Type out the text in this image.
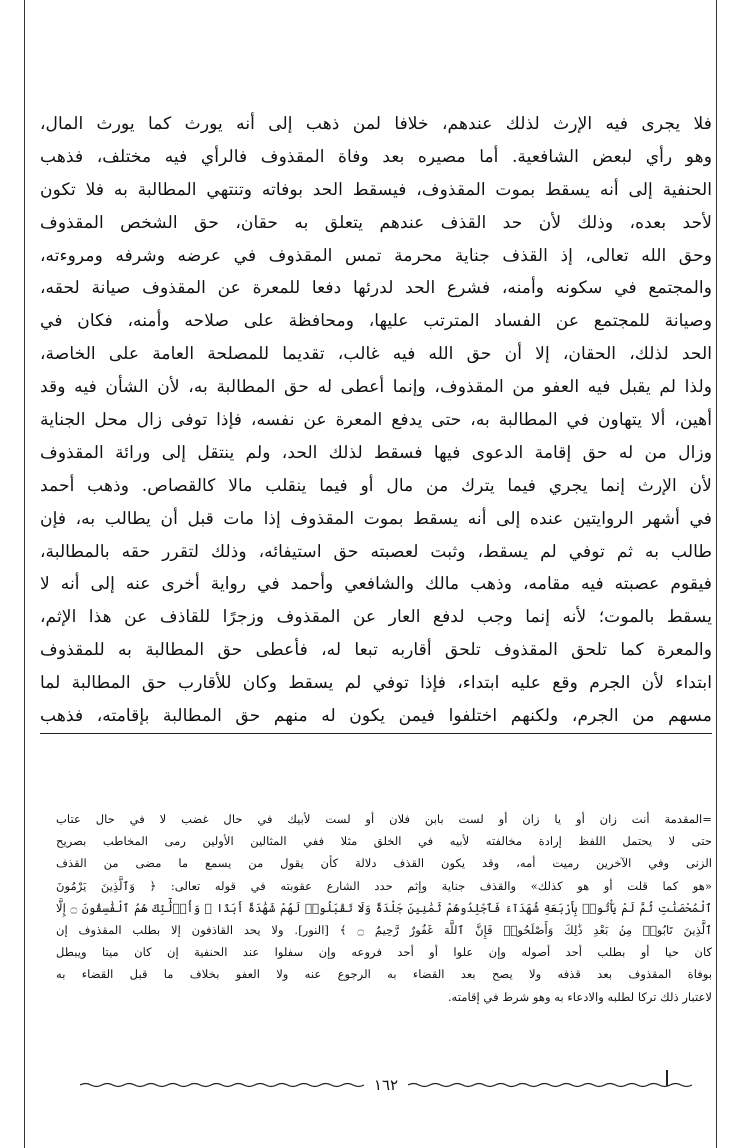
فلا يجرى فيه الإرث لذلك عندهم، خلافا لمن ذهب إلى أنه يورث كما يورث المال،
وهو رأي لبعض الشافعية. أما مصيره بعد وفاة المقذوف فالرأي فيه مختلف، فذهب
الحنفية إلى أنه يسقط بموت المقذوف، فيسقط الحد بوفاته وتنتهي المطالبة به فلا تكون
لأحد بعده، وذلك لأن حد القذف عندهم يتعلق به حقان، حق الشخص المقذوف
وحق الله تعالى، إذ القذف جناية محرمة تمس المقذوف في عرضه وشرفه ومروءته،
والمجتمع في سكونه وأمنه، فشرع الحد لدرئها دفعا للمعرة عن المقذوف صيانة لحقه،
وصيانة للمجتمع عن الفساد المترتب عليها، ومحافظة على صلاحه وأمنه، فكان في
الحد لذلك، الحقان، إلا أن حق الله فيه غالب، تقديما للمصلحة العامة على الخاصة،
ولذا لم يقبل فيه العفو من المقذوف، وإنما أعطى له حق المطالبة به، لأن الشأن فيه وقد
أهين، ألا يتهاون في المطالبة به، حتى يدفع المعرة عن نفسه، فإذا توفى زال محل الجناية
وزال من له حق إقامة الدعوى فيها فسقط لذلك الحد، ولم ينتقل إلى ورائة المقذوف
لأن الإرث إنما يجري فيما يترك من مال أو فيما ينقلب مالا كالقصاص. وذهب أحمد
في أشهر الروايتين عنده إلى أنه يسقط بموت المقذوف إذا مات قبل أن يطالب به، فإن
طالب به ثم توفي لم يسقط، وثبت لعصبته حق استيفائه، وذلك لتقرر حقه بالمطالبة،
فيقوم عصبته فيه مقامه، وذهب مالك والشافعي وأحمد في رواية أخرى عنه إلى أنه لا
يسقط بالموت؛ لأنه إنما وجب لدفع العار عن المقذوف وزجرًا للقاذف عن هذا الإثم،
والمعرة كما تلحق المقذوف تلحق أقاربه تبعا له، فأعطى حق المطالبة به للمقذوف
ابتداء لأن الجرم وقع عليه ابتداء، فإذا توفي لم يسقط وكان للأقارب حق المطالبة لما
مسهم من الجرم، ولكنهم اختلفوا فيمن يكون له منهم حق المطالبة بإقامته، فذهب
=المقدمة أنت زان أو يا زان أو لست بابن فلان أو لست لأبيك في حال غضب لا في حال عتاب
حتى لا يحتمل اللفظ إرادة مخالفته لأبيه في الخلق مثلا ففي المثالين الأولين رمى المخاطب بصريح
الزنى وفي الآخرين رميت أمه، وقد يكون القذف دلالة كأن يقول من يسمع ما مضى من القذف
«هو كما قلت أو هو كذلك» والقذف جناية وإثم حدد الشارع عقوبته في قوله تعالى: ﴿ وَٱلَّذِينَ يَرْمُونَ
ٱلْمُحْصَنَٰتِ ثُمَّ لَمْ يَأْتُوا۟ بِأَرْبَعَةِ شُهَدَآءَ فَٱجْلِدُوهُمْ ثَمَٰنِينَ جَلْدَةً وَلَا تَقْبَلُوا۟ لَهُمْ شَهَٰدَةً أَبَدًا ۚ وَأُو۟لَٰٓئِكَ هُمُ ٱلْفَٰسِقُونَ ۝ إِلَّا
ٱلَّذِينَ تَابُوا۟ مِنۢ بَعْدِ ذَٰلِكَ وَأَصْلَحُوا۟ فَإِنَّ ٱللَّهَ غَفُورٌ رَّحِيمٌ ۝ ﴾ [النور]. ولا يحد القاذفون إلا بطلب المقذوف إن
كان حيا أو بطلب أحد أصوله وإن علوا أو أحد فروعه وإن سفلوا عند الحنفية إن كان ميتا ويبطل
بوفاة المقذوف بعد قذفه ولا يصح بعد القضاء به الرجوع عنه ولا العفو بخلاف ما قبل القضاء به
لاعتبار ذلك تركا لطلبه والادعاء به وهو شرط في إقامته.
١٦٢
